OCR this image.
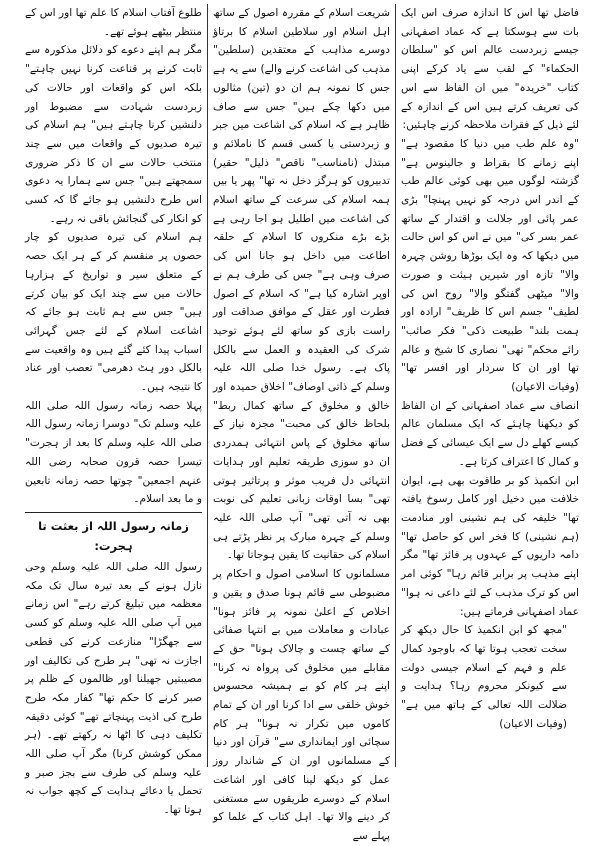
فاضل تھا اس کا اندازہ صرف اس ایک بات سے ہوسکتا ہے کہ عماد اصفہانی جیسے زبردست عالم اس کو "سلطان الحکماء" کے لقب سے یاد کرکے اپنی کتاب "خریدہ" میں ان الفاظ سے اس کی تعریف کرتے ہیں اس کے اندازہ کے لئے ذیل کے فقرات ملاحظہ کرنے چاہئیں:

"وہ علم طب میں دنیا کا مقصود ہے" اپنے زمانے کا بقراط و جالینوس ہے" گزشتہ لوگوں میں بھی کوئی عالم طب کے اندر اس درجہ کو نہیں پہنچا" بڑی عمر پائی اور جلالت و اقتدار کے ساتھ عمر بسر کی" میں نے اس کو اس حالت میں دیکھا کہ وہ ایک بوڑھا روشن چہرہ والا" تازہ اور شیریں ہیئت و صورت والا" میٹھی گفتگو والا" روح اس کی لطیف" جسم اس کا ظریف" ارادہ اور ہمت بلند" طبیعت ذکی" فکر صائب" رائے محکم" تھی" نصاری کا شیخ و عالم تھا اور ان کا سردار اور افسر تھا" (وفیات الاعیان)

انصاف سے عماد اصفہانی کے ان الفاظ کو دیکھنا چاہئے کہ ایک مسلمان عالم کیسے کھلے دل سے ایک عیسائی کے فضل و کمال کا اعتراف کرتا ہے۔

ابن انکمیذ کو بر طاقوت بھی ہے، ایوان خلافت میں دخیل اور کامل رسوخ یافتہ تھا" خلیفہ کی ہم نشینی اور منادمت (ہم نشینی) کا فخر اس کو حاصل تھا" دامہ داریوں کے عہدوں پر فائز تھا" مگر اپنے مذہب پر برابر قائم رہا" کوئی امر اس کو ترک مذہب کے لئے داعی نہ ہوا" عماد اصفہانی فرماتے ہیں:

"مجھ کو ابن انکمیذ کا حال دیکھ کر سخت تعجب ہوتا تھا کہ باوجود کمال علم و فہم کے اسلام جیسی دولت سے کیونکر محروم رہا؟ ہدایت و ضلالت اللہ تعالی کے ہاتھ میں ہے" (وفیات الاعیان)

شریعت اسلام کے مقررہ اصول کے ساتھ اہل اسلام اور سلاطین اسلام کا برتاؤ دوسرے مذاہب کے معتقدین (سلطین" مذہب کی اشاعت کرنے والے) سے یہ ہے جس کا نمونہ ہم ان دو (تین) مثالوں میں دکھا چکے ہیں" جس سے صاف ظاہر ہے کہ اسلام کی اشاعت میں جبر و زبردستی یا کسی قسم کا ناملائم و مبتذل (نامناسب" ناقص" ذلیل" حقیر) تدبیروں کو ہرگز دخل نہ تھا" پھر یا بیں ہمہ اسلام کی سرعت کے ساتھ اسلام کی اشاعت میں اطلیل ہو اجا رہی ہے بڑے بڑے منکروں کا اسلام کے حلقہ اطاعت میں داخل ہو جانا اس کی صرف وہی ہے" جس کی طرف ہم نے اوپر اشارہ کیا ہے" کہ اسلام کے اصول فطرت اور عقل کے موافق صداقت اور راست بازی کو ساتھ لئے ہوئے توحید شرک کی العقیدہ و العمل سے بالکل پاک ہے۔ رسول خدا صلی اللہ علیہ وسلم کے ذاتی اوصاف" اخلاق حمیدہ اور خالق و مخلوق کے ساتھ کمال ربط" بلحاظ خالق کی محبت" مجزہ نیاز کے ساتھ مخلوق کے پاس انتہائی ہمدردی ان دو سوزی طریقہ تعلیم اور ہدایات انتہائی دل فریب موثر و پرتاثیر ہوتی تھی" بسا اوقات زبانی تعلیم کی نوبت بھی نہ آتی تھی" آپ صلی اللہ علیہ وسلم کے چہرہ مبارک پر نظر پڑتے ہی اسلام کی حقانیت کا یقین ہوجاتا تھا۔

مسلمانوں کا اسلامی اصول و احکام پر مضبوطی سے قائم ہونا صدق و یقین و اخلاص کے اعلیٰ نمونہ پر فائز ہونا" عبادات و معاملات میں بے انتہا صفائی کے ساتھ چست و چالاک ہونا" حق کے مقابلے میں مخلوق کی پرواہ نہ کرنا" اپنے ہر کام کو بے ہمیشہ محسوس خوش خلقی سے ادا کرنا اور ان کے تمام کاموں میں تکرار نہ ہونا" ہر کام سچائی اور ایمانداری سے" قرآن اور دنیا کے مسلمانوں اور ان کے شاندار روز عمل کو دیکھ لینا کافی اور اشاعت اسلام کے دوسرے طریقوں سے مستغنی کر دینے والا تھا۔ اہل کتاب کے علما کو پہلے سے

طلوع آفتاب اسلام کا علم تھا اور اس کے منتظر بیٹھے ہوئے تھے۔

مگر ہم اپنے دعوے کو دلائل مذکورہ سے ثابت کرنے پر قناعت کرنا نہیں چاہتے" بلکہ اس کو واقعات اور حالات کی زبردست شہادت سے مضبوط اور دلنشیں کرنا چاہتے ہیں" ہم اسلام کی تیرہ صدیوں کے واقعات میں سے چند منتخب حالات سے ان کا ذکر ضروری سمجھتے ہیں" جس سے ہمارا یہ دعوی اس طرح دلنشیں ہو جائے گا کہ کسی کو انکار کی گنجائش باقی نہ رہے۔

ہم اسلام کی تیرہ صدیوں کو چار حصوں پر منقسم کر کے ہر ایک حصہ کے متعلق سیر و تواریخ کے ہزارہا حالات میں سے چند ایک کو بیان کرتے ہیں" جس سے ہم ثابت ہو جائے کہ اشاعت اسلام کے لئے جس گہرائی اسباب پیدا کئے گئے ہیں وہ واقعیت سے بالکل دور ہٹ دھرمی" تعصب اور عناد کا نتیجہ ہیں۔

پہلا حصہ زمانہ رسول اللہ صلی اللہ علیہ وسلم تک" دوسرا زمانہ رسول اللہ صلی اللہ علیہ وسلم کا بعد از ہجرت" تیسرا حصہ قرون صحابہ رضی اللہ عنہم اجمعین" چوتھا حصہ زمانہ تابعین و ما بعد اسلام۔

زمانہ رسول اللہ از بعثت تا ہجرت:

رسول اللہ صلی اللہ علیہ وسلم وحی نازل ہونے کے بعد تیرہ سال تک مکہ معظمہ میں تبلیغ کرتے رہے" اس زمانے میں آپ صلی اللہ علیہ وسلم کو کسی سے جھگڑا" منازعت کرنے کی قطعی اجازت نہ تھی" ہر طرح کی تکالیف اور مصیبتیں جھیلنا اور ظالموں کے ظلم پر صبر کرنے کا حکم تھا" کفار مکہ طرح طرح کی اذیت پہنچاتے تھے" کوئی دقیقہ تکلیف دہی کا اٹھا نہ رکھتے تھے۔ (ہر ممکن کوشش کرنا) مگر آپ صلی اللہ علیہ وسلم کی طرف سے بجز صبر و تحمل یا دعائے ہدایت کے کچھ جواب نہ ہوتا تھا۔
